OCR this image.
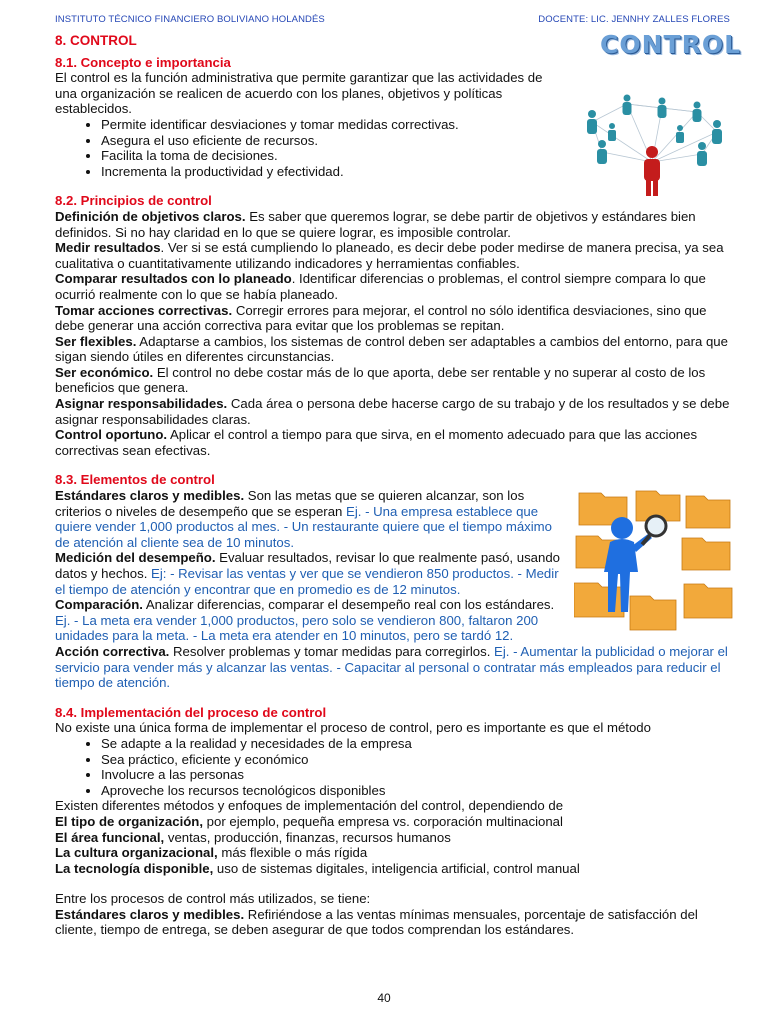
INSTITUTO TÉCNICO FINANCIERO BOLIVIANO HOLANDÉS	DOCENTE: LIC. JENNHY ZALLES FLORES
CONTROL
8. CONTROL
8.1. Concepto e importancia

El control es la función administrativa que permite garantizar que las actividades de una organización se realicen de acuerdo con los planes, objetivos y políticas establecidos.

• Permite identificar desviaciones y tomar medidas correctivas.
• Asegura el uso eficiente de recursos.
• Facilita la toma de decisiones.
• Incrementa la productividad y efectividad.
8.2. Principios de control

Definición de objetivos claros. Es saber que queremos lograr, se debe partir de objetivos y estándares bien definidos. Si no hay claridad en lo que se quiere lograr, es imposible controlar.

Medir resultados. Ver si se está cumpliendo lo planeado, es decir debe poder medirse de manera precisa, ya sea cualitativa o cuantitativamente utilizando indicadores y herramientas confiables.

Comparar resultados con lo planeado. Identificar diferencias o problemas, el control siempre compara lo que ocurrió realmente con lo que se había planeado.

Tomar acciones correctivas. Corregir errores para mejorar, el control no sólo identifica desviaciones, sino que debe generar una acción correctiva para evitar que los problemas se repitan.

Ser flexibles. Adaptarse a cambios, los sistemas de control deben ser adaptables a cambios del entorno, para que sigan siendo útiles en diferentes circunstancias.

Ser económico. El control no debe costar más de lo que aporta, debe ser rentable y no superar al costo de los beneficios que genera.

Asignar responsabilidades. Cada área o persona debe hacerse cargo de su trabajo y de los resultados y se debe asignar responsabilidades claras.

Control oportuno. Aplicar el control a tiempo para que sirva, en el momento adecuado para que las acciones correctivas sean efectivas.

8.3. Elementos de control

Estándares claros y medibles. Son las metas que se quieren alcanzar, son los criterios o niveles de desempeño que se esperan Ej. - Una empresa establece que quiere vender 1,000 productos al mes. - Un restaurante quiere que el tiempo máximo de atención al cliente sea de 10 minutos.

Medición del desempeño. Evaluar resultados, revisar lo que realmente pasó, usando datos y hechos. Ej: - Revisar las ventas y ver que se vendieron 850 productos. - Medir el tiempo de atención y encontrar que en promedio es de 12 minutos.

Comparación. Analizar diferencias, comparar el desempeño real con los estándares. Ej. - La meta era vender 1,000 productos, pero solo se vendieron 800, faltaron 200 unidades para la meta. - La meta era atender en 10 minutos, pero se tardó 12.

Acción correctiva. Resolver problemas y tomar medidas para corregirlos. Ej. - Aumentar la publicidad o mejorar el servicio para vender más y alcanzar las ventas. - Capacitar al personal o contratar más empleados para reducir el tiempo de atención.

8.4. Implementación del proceso de control

No existe una única forma de implementar el proceso de control, pero es importante es que el método

• Se adapte a la realidad y necesidades de la empresa
• Sea práctico, eficiente y económico
• Involucre a las personas
• Aproveche los recursos tecnológicos disponibles

Existen diferentes métodos y enfoques de implementación del control, dependiendo de

El tipo de organización, por ejemplo, pequeña empresa vs. corporación multinacional

El área funcional, ventas, producción, finanzas, recursos humanos

La cultura organizacional, más flexible o más rígida

La tecnología disponible, uso de sistemas digitales, inteligencia artificial, control manual

Entre los procesos de control más utilizados, se tiene:

Estándares claros y medibles. Refiriéndose a las ventas mínimas mensuales, porcentaje de satisfacción del cliente, tiempo de entrega, se deben asegurar de que todos comprendan los estándares.

40
